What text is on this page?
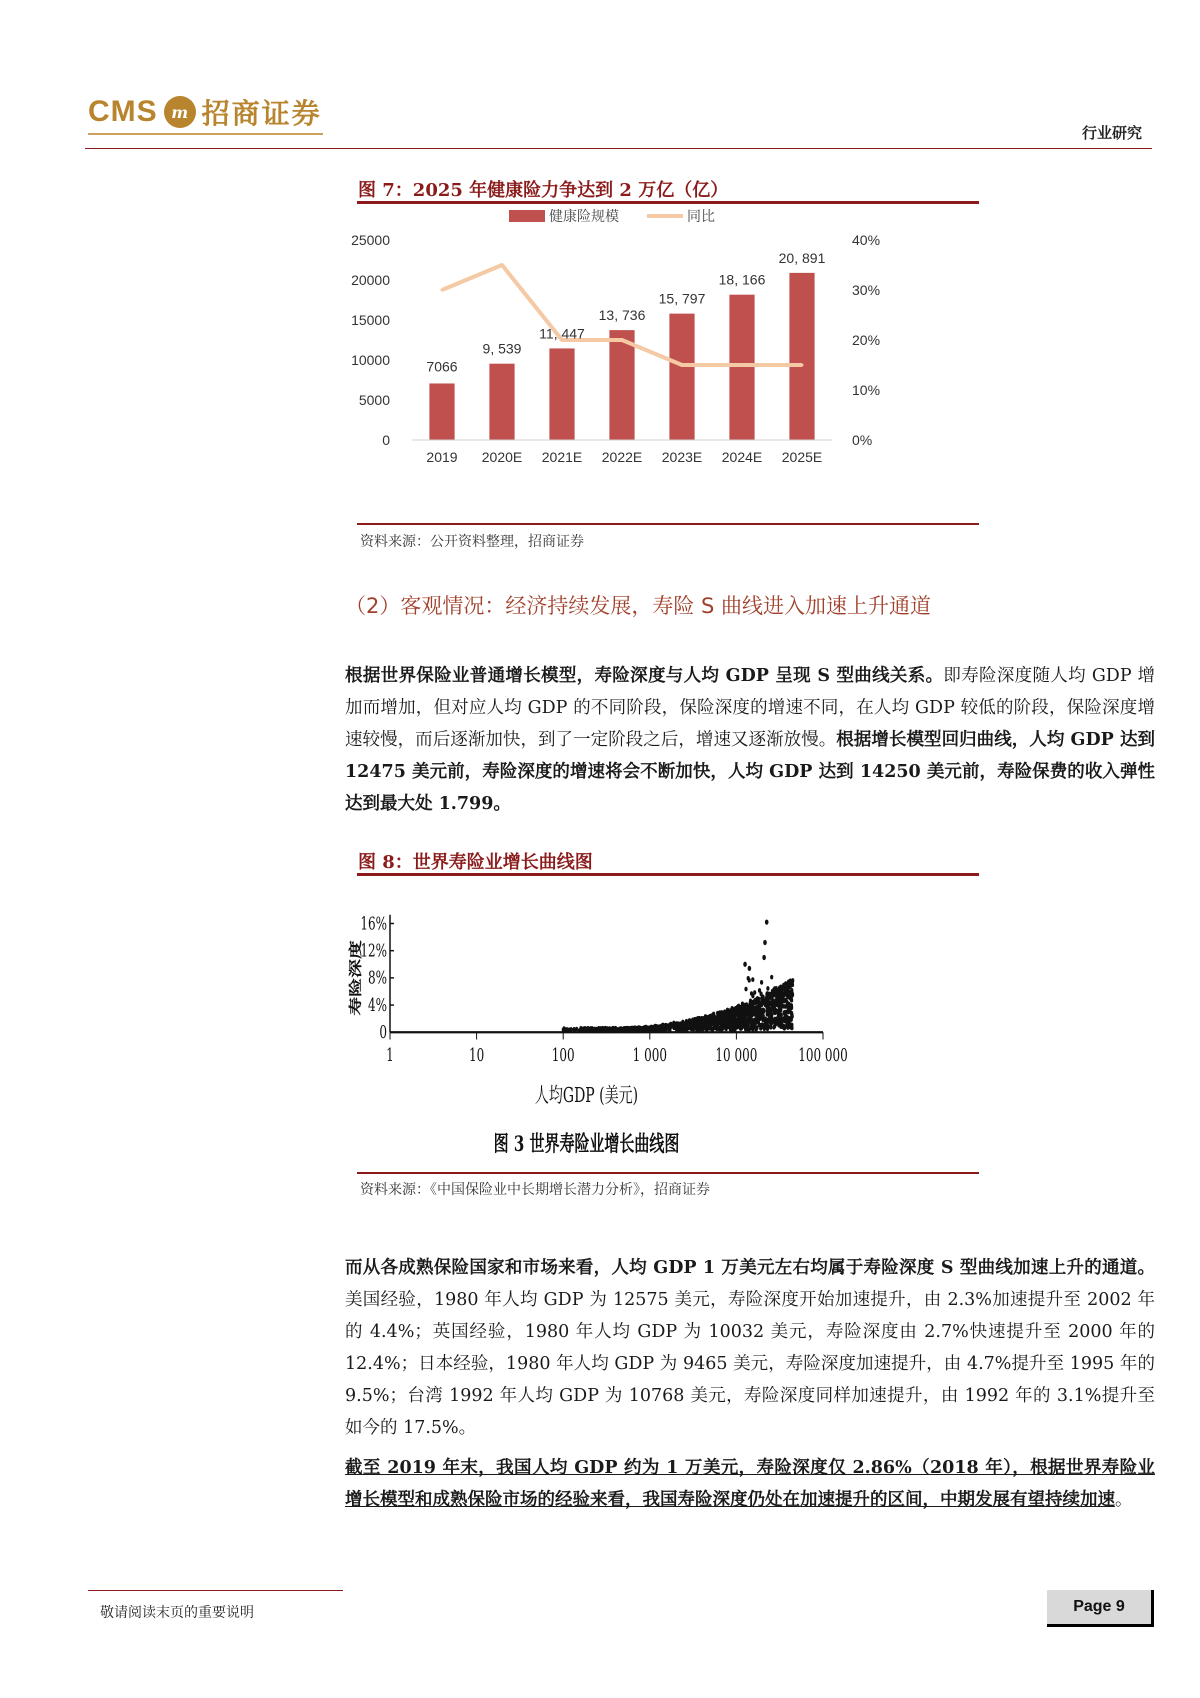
CMS m 招商证券
行业研究
图 7：2025 年健康险力争达到 2 万亿（亿）
健康险规模	同比
0
5000
10000
15000
20000
25000
0%
10%
20%
30%
40%
7066
9, 539
11, 447
13, 736
15, 797
18, 166
20, 891
2019 2020E 2021E 2022E 2023E 2024E 2025E
资料来源：公开资料整理，招商证券
（2）客观情况：经济持续发展，寿险 S 曲线进入加速上升通道
根据世界保险业普通增长模型，寿险深度与人均 GDP 呈现 S 型曲线关系。即寿险深度随人均 GDP 增加而增加，但对应人均 GDP 的不同阶段，保险深度的增速不同，在人均 GDP 较低的阶段，保险深度增速较慢，而后逐渐加快，到了一定阶段之后，增速又逐渐放慢。根据增长模型回归曲线，人均 GDP 达到 12475 美元前，寿险深度的增速将会不断加快，人均 GDP 达到 14250 美元前，寿险保费的收入弹性达到最大处 1.799。
图 8：世界寿险业增长曲线图
0
4%
8%
12%
16%
1	10	100	1 000	10 000	100 000
寿险深度
人均GDP (美元)
图 3 世界寿险业增长曲线图
资料来源：《中国保险业中长期增长潜力分析》，招商证券
而从各成熟保险国家和市场来看，人均 GDP 1 万美元左右均属于寿险深度 S 型曲线加速上升的通道。美国经验，1980 年人均 GDP 为 12575 美元，寿险深度开始加速提升，由 2.3%加速提升至 2002 年的 4.4%；英国经验，1980 年人均 GDP 为 10032 美元，寿险深度由 2.7%快速提升至 2000 年的 12.4%；日本经验，1980 年人均 GDP 为 9465 美元，寿险深度加速提升，由 4.7%提升至 1995 年的 9.5%；台湾 1992 年人均 GDP 为 10768 美元，寿险深度同样加速提升，由 1992 年的 3.1%提升至如今的 17.5%。
截至 2019 年末，我国人均 GDP 约为 1 万美元，寿险深度仅 2.86%（2018 年），根据世界寿险业增长模型和成熟保险市场的经验来看，我国寿险深度仍处在加速提升的区间，中期发展有望持续加速。
敬请阅读末页的重要说明	Page 9
